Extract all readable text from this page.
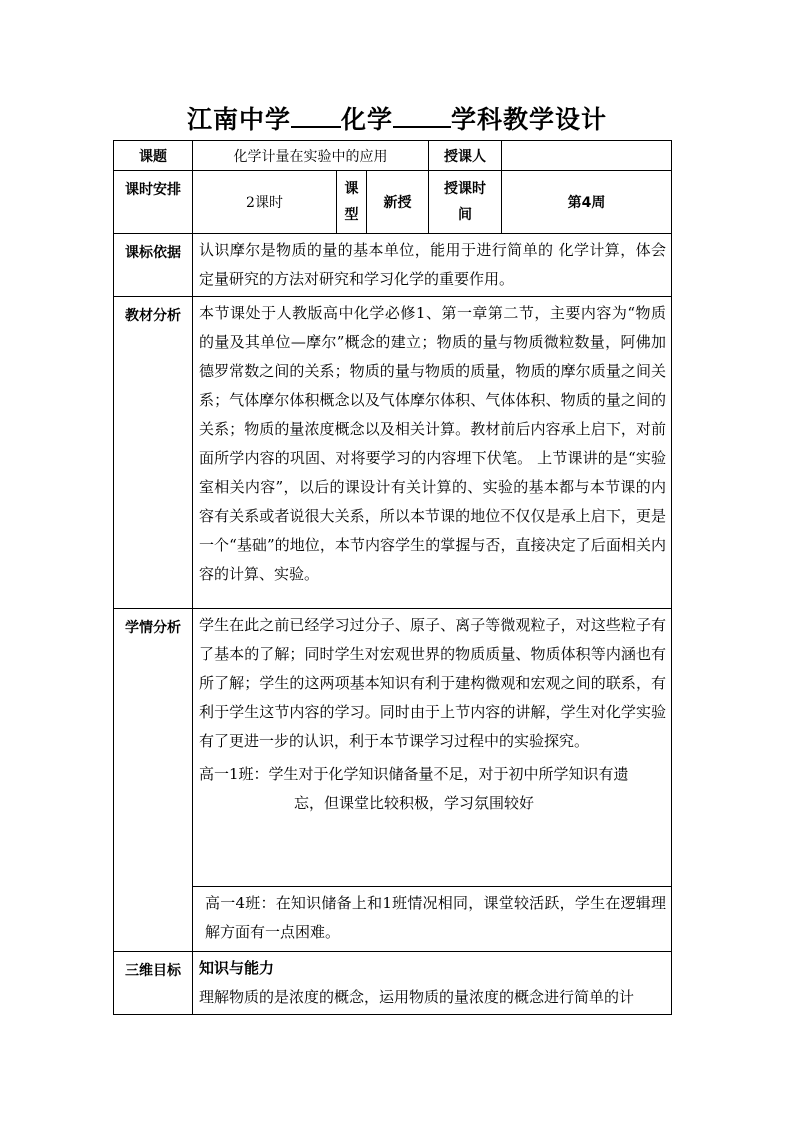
江南中学 化学 学科教学设计
课题	化学计量在实验中的应用			授课人	
课时安排	2课时	课型	新授	授课时间	第4周
课标依据	认识摩尔是物质的量的基本单位，能用于进行简单的 化学计算，体会定量研究的方法对研究和学习化学的重要作用。				
教材分析	本节课处于人教版高中化学必修1、第一章第二节，主要内容为“物质的量及其单位—摩尔”概念的建立；物质的量与物质微粒数量，阿佛加德罗常数之间的关系；物质的量与物质的质量，物质的摩尔质量之间关系；气体摩尔体积概念以及气体摩尔体积、气体体积、物质的量之间的关系；物质的量浓度概念以及相关计算。教材前后内容承上启下，对前面所学内容的巩固、对将要学习的内容埋下伏笔。 上节课讲的是“实验室相关内容”，以后的课设计有关计算的、实验的基本都与本节课的内容有关系或者说很大关系，所以本节课的地位不仅仅是承上启下，更是一个“基础”的地位，本节内容学生的掌握与否，直接决定了后面相关内容的计算、实验。				
学情分析	学生在此之前已经学习过分子、原子、离子等微观粒子，对这些粒子有了基本的了解；同时学生对宏观世界的物质质量、物质体积等内涵也有所了解；学生的这两项基本知识有利于建构微观和宏观之间的联系，有利于学生这节内容的学习。同时由于上节内容的讲解，学生对化学实验有了更进一步的认识，利于本节课学习过程中的实验探究。
高一1班：学生对于化学知识储备量不足，对于初中所学知识有遗
忘，但课堂比较积极，学习氛围较好				

	高一4班：在知识储备上和1班情况相同，课堂较活跃，学生在逻辑理解方面有一点困难。				
三维目标	知识与能力
理解物质的是浓度的概念，运用物质的量浓度的概念进行简单的计				
